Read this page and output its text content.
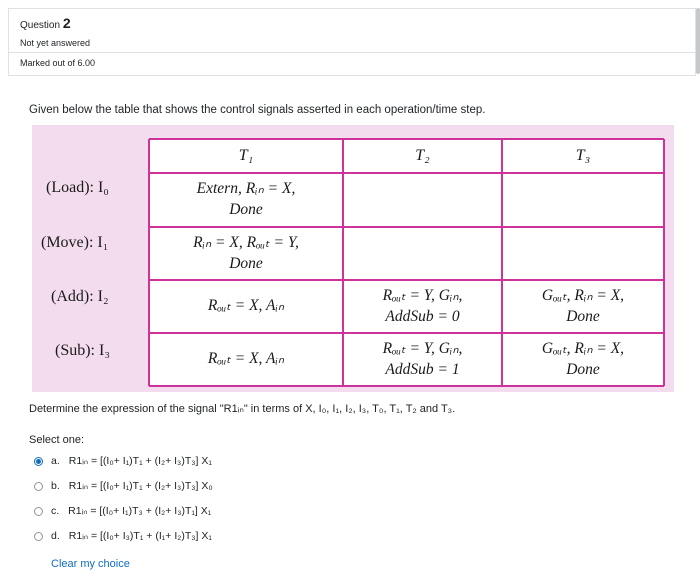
Question 2
Not yet answered
Marked out of 6.00
Given below the table that shows the control signals asserted in each operation/time step.
T₁	T₂	T₃
Extern, Rᵢₙ = X,
Done
Rᵢₙ = X, Rₒᵤₜ = Y,
Done
Rₒᵤₜ = X, Aᵢₙ
Rₒᵤₜ = Y, Gᵢₙ,
AddSub = 0
Gₒᵤₜ, Rᵢₙ = X,
Done
Rₒᵤₜ = X, Aᵢₙ
Rₒᵤₜ = Y, Gᵢₙ,
AddSub = 1
Gₒᵤₜ, Rᵢₙ = X,
Done
(Load): I₀
(Move): I₁
(Add): I₂
(Sub): I₃
Determine the expression of the signal "R1ᵢₙ" in terms of X, I₀, I₁, I₂, I₃, T₀, T₁, T₂ and T₃.
Select one:
a. R1ᵢₙ = [(I₀+ I₁)T₁ + (I₂+ I₃)T₃] X₁
b. R1ᵢₙ = [(I₀+ I₁)T₁ + (I₂+ I₃)T₃] X₀
c. R1ᵢₙ = [(I₀+ I₁)T₃ + (I₂+ I₃)T₁] X₁
d. R1ᵢₙ = [(I₀+ I₃)T₁ + (I₁+ I₂)T₃] X₁
Clear my choice
